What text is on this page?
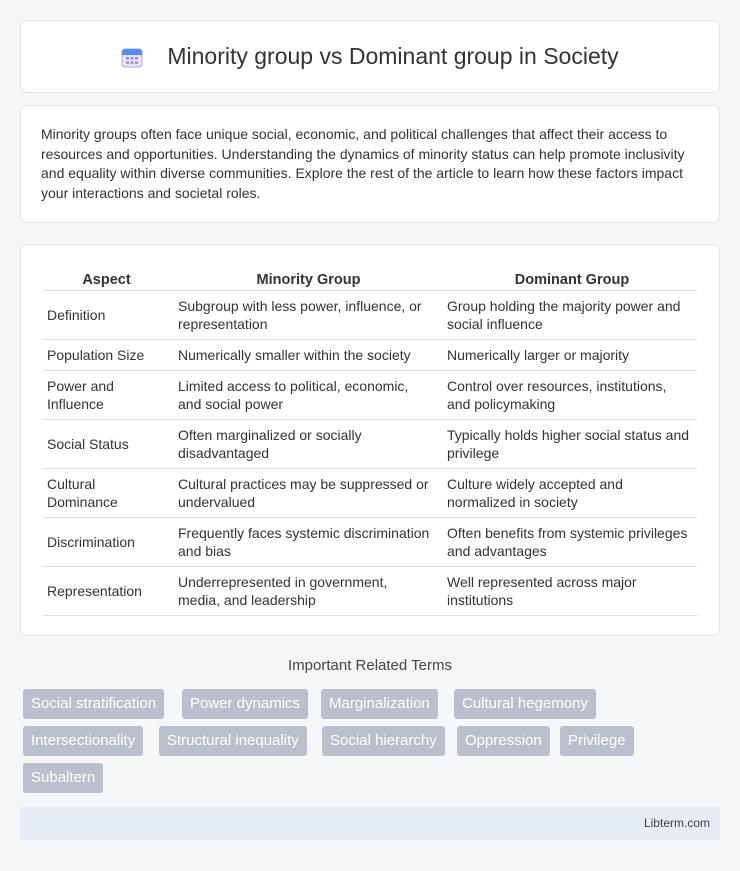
Minority group vs Dominant group in Society

Minority groups often face unique social, economic, and political challenges that affect their access to resources and opportunities. Understanding the dynamics of minority status can help promote inclusivity and equality within diverse communities. Explore the rest of the article to learn how these factors impact your interactions and societal roles.

Aspect	Minority Group	Dominant Group
Definition	Subgroup with less power, influence, or representation	Group holding the majority power and social influence
Population Size	Numerically smaller within the society	Numerically larger or majority
Power and Influence	Limited access to political, economic, and social power	Control over resources, institutions, and policymaking
Social Status	Often marginalized or socially disadvantaged	Typically holds higher social status and privilege
Cultural Dominance	Cultural practices may be suppressed or undervalued	Culture widely accepted and normalized in society
Discrimination	Frequently faces systemic discrimination and bias	Often benefits from systemic privileges and advantages
Representation	Underrepresented in government, media, and leadership	Well represented across major institutions
Important Related Terms
Social stratification	Power dynamics	Marginalization	Cultural hegemony
Intersectionality	Structural inequality	Social hierarchy	Oppression	Privilege
Subaltern
Libterm.com
